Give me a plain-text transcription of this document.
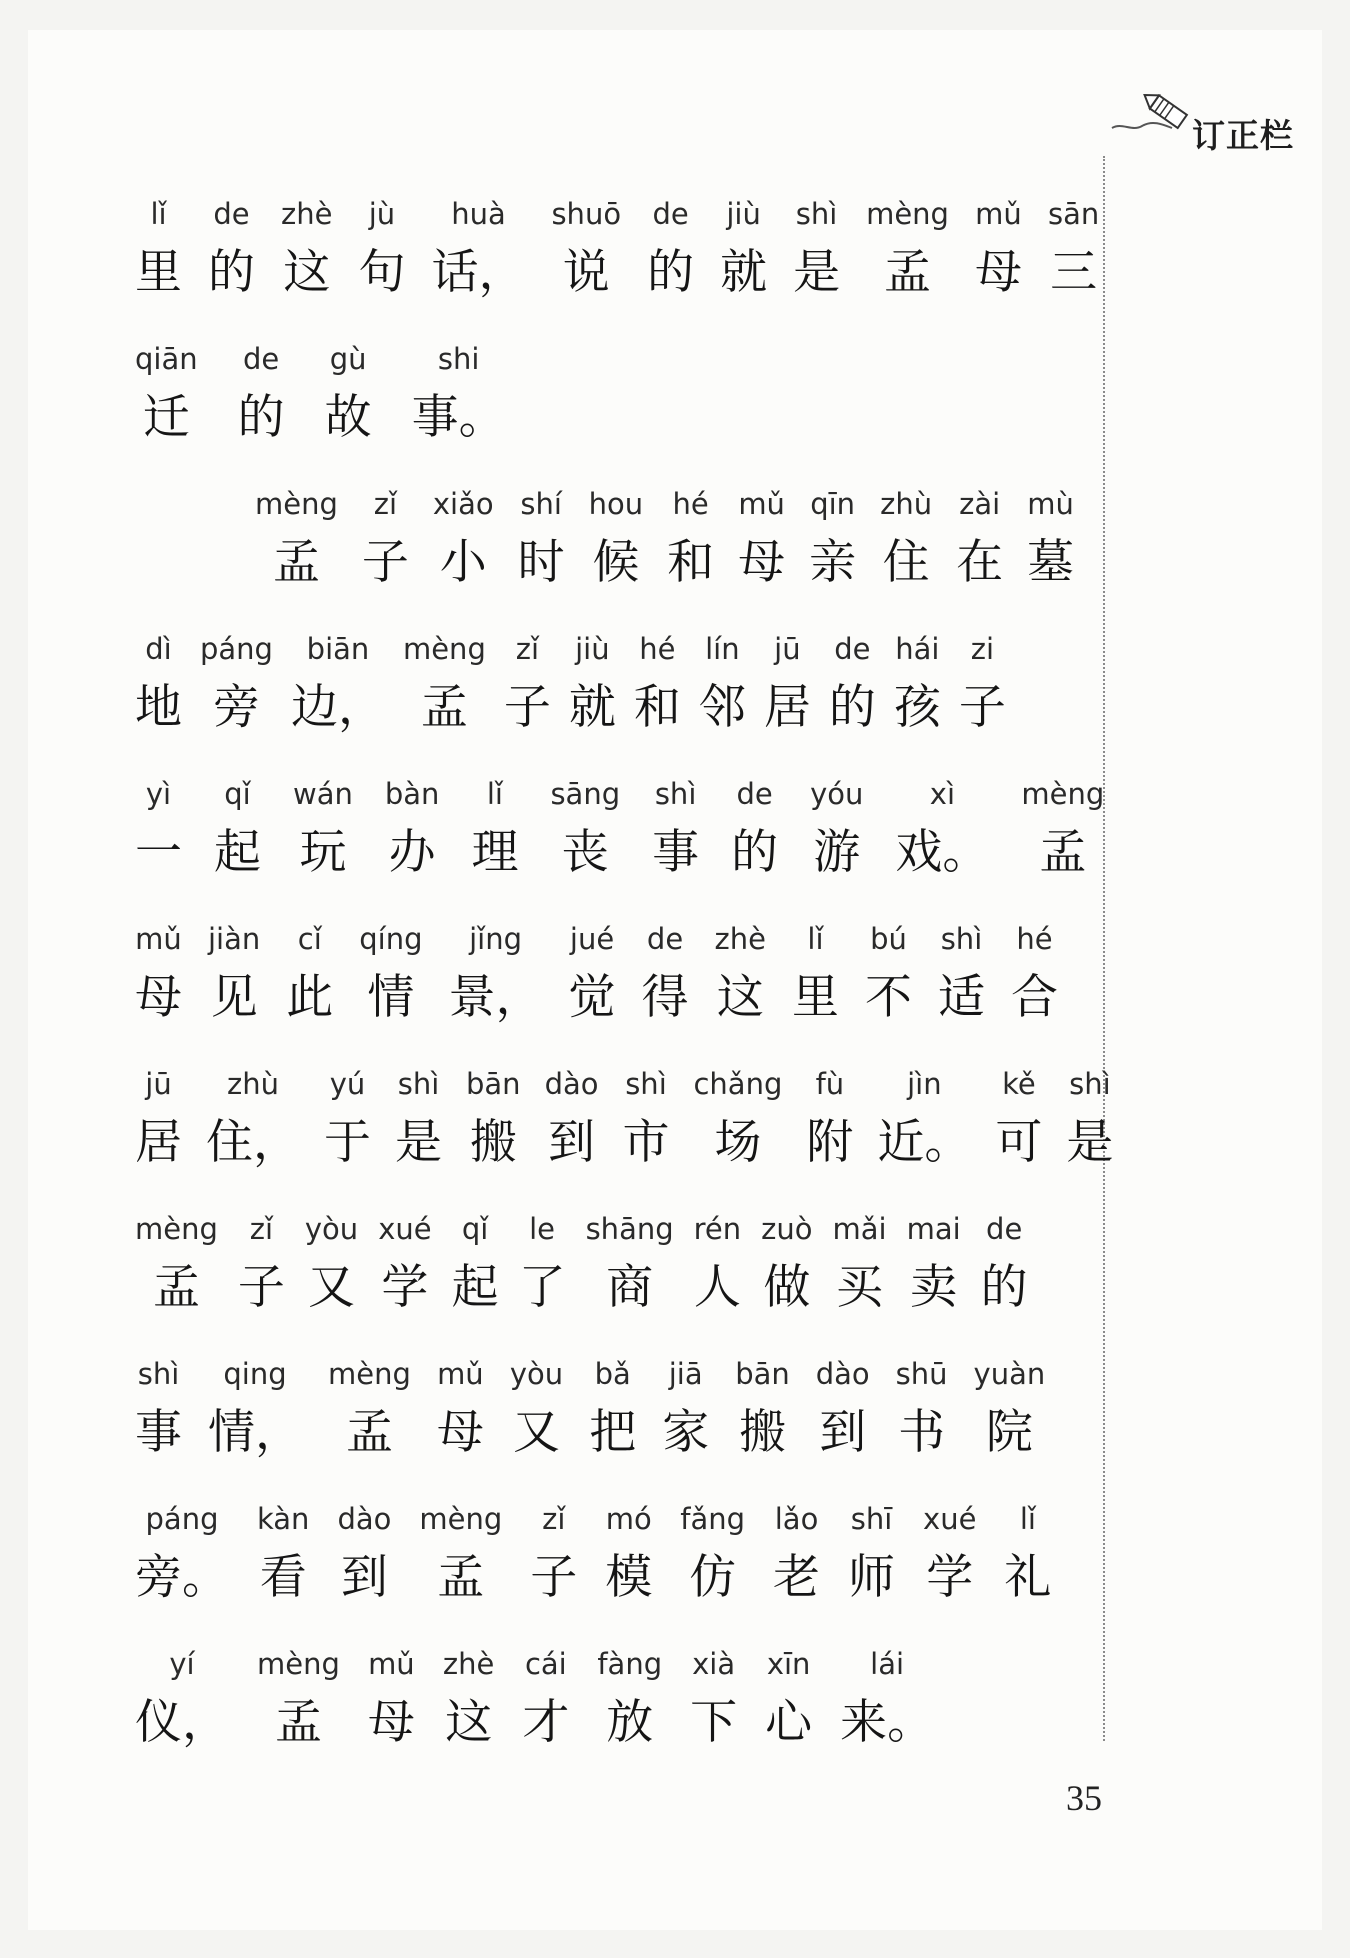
订正栏
lǐ
里
de
的
zhè
这
jù
句
huà
话，
shuō
说
de
的
jiù
就
shì
是
mèng
孟
mǔ
母
sān
三
qiān
迁
de
的
gù
故
shi
事。
mèng
孟
zǐ
子
xiǎo
小
shí
时
hou
候
hé
和
mǔ
母
qīn
亲
zhù
住
zài
在
mù
墓
dì
地
páng
旁
biān
边，
mèng
孟
zǐ
子
jiù
就
hé
和
lín
邻
jū
居
de
的
hái
孩
zi
子
yì
一
qǐ
起
wán
玩
bàn
办
lǐ
理
sāng
丧
shì
事
de
的
yóu
游
xì
戏。
mèng
孟
mǔ
母
jiàn
见
cǐ
此
qíng
情
jǐng
景，
jué
觉
de
得
zhè
这
lǐ
里
bú
不
shì
适
hé
合
jū
居
zhù
住，
yú
于
shì
是
bān
搬
dào
到
shì
市
chǎng
场
fù
附
jìn
近。
kě
可
shì
是
mèng
孟
zǐ
子
yòu
又
xué
学
qǐ
起
le
了
shāng
商
rén
人
zuò
做
mǎi
买
mai
卖
de
的
shì
事
qing
情，
mèng
孟
mǔ
母
yòu
又
bǎ
把
jiā
家
bān
搬
dào
到
shū
书
yuàn
院
páng
旁。
kàn
看
dào
到
mèng
孟
zǐ
子
mó
模
fǎng
仿
lǎo
老
shī
师
xué
学
lǐ
礼
yí
仪，
mèng
孟
mǔ
母
zhè
这
cái
才
fàng
放
xià
下
xīn
心
lái
来。
35
